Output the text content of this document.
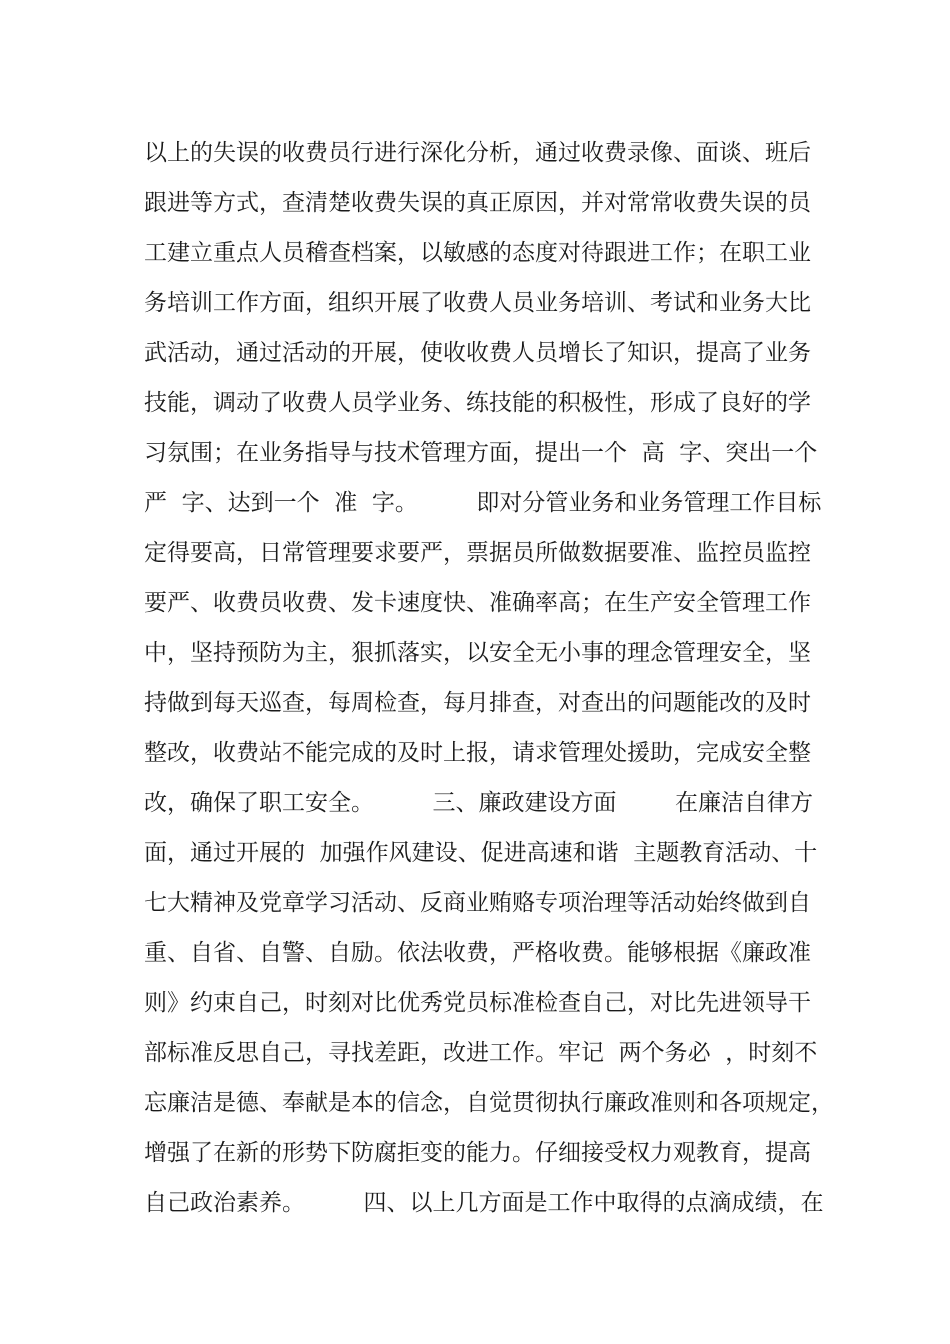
以上的失误的收费员行进行深化分析，通过收费录像、面谈、班后
跟进等方式，查清楚收费失误的真正原因，并对常常收费失误的员
工建立重点人员稽查档案，以敏感的态度对待跟进工作；在职工业
务培训工作方面，组织开展了收费人员业务培训、考试和业务大比
武活动，通过活动的开展，使收收费人员增长了知识，提高了业务
技能，调动了收费人员学业务、练技能的积极性，形成了良好的学
习氛围；在业务指导与技术管理方面，提出一个  高  字、突出一个
严  字、达到一个  准  字。        即对分管业务和业务管理工作目标
定得要高，日常管理要求要严，票据员所做数据要准、监控员监控
要严、收费员收费、发卡速度快、准确率高；在生产安全管理工作
中，坚持预防为主，狠抓落实，以安全无小事的理念管理安全，坚
持做到每天巡查，每周检查，每月排查，对查出的问题能改的及时
整改，收费站不能完成的及时上报，请求管理处援助，完成安全整
改，确保了职工安全。        三、廉政建设方面        在廉洁自律方
面，通过开展的  加强作风建设、促进高速和谐  主题教育活动、十
七大精神及党章学习活动、反商业贿赂专项治理等活动始终做到自
重、自省、自警、自励。依法收费，严格收费。能够根据《廉政准
则》约束自己，时刻对比优秀党员标准检查自己，对比先进领导干
部标准反思自己，寻找差距，改进工作。牢记  两个务必  ，时刻不
忘廉洁是德、奉献是本的信念，自觉贯彻执行廉政准则和各项规定，
增强了在新的形势下防腐拒变的能力。仔细接受权力观教育，提高
自己政治素养。        四、以上几方面是工作中取得的点滴成绩，在
